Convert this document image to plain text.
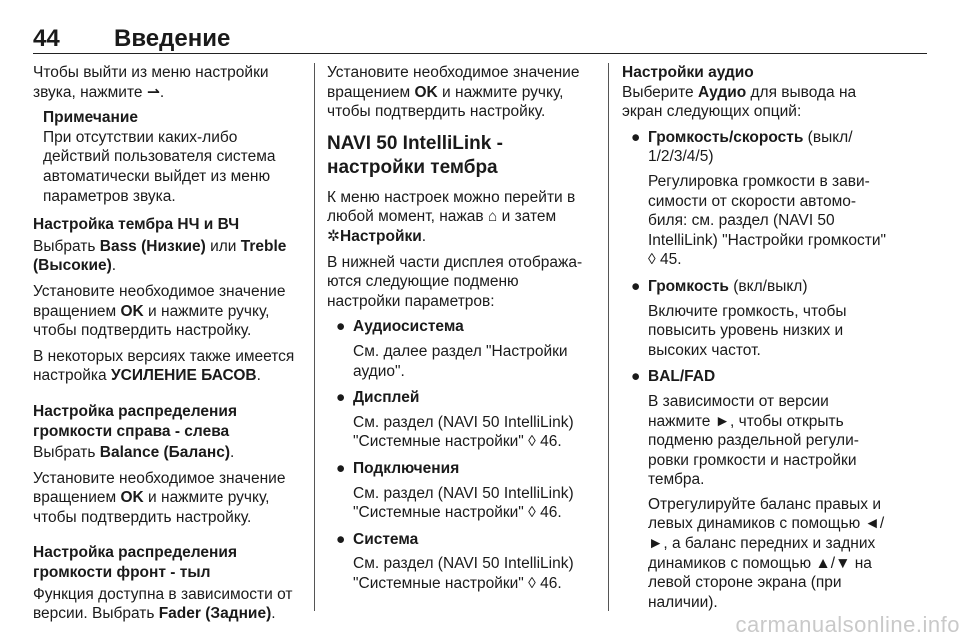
44 Введение

Чтобы выйти из меню настройки звука, нажмите ⇀.

Примечание
При отсутствии каких-либо действий пользователя система автоматически выйдет из меню параметров звука.
Настройка тембра НЧ и ВЧ

Выбрать Bass (Низкие) или Treble (Высокие).

Установите необходимое значение вращением OK и нажмите ручку, чтобы подтвердить настройку.

В некоторых версиях также имеется настройка УСИЛЕНИЕ БАСОВ.

Настройка распределения громкости справа - слева

Выбрать Balance (Баланс).

Установите необходимое значение вращением OK и нажмите ручку, чтобы подтвердить настройку.

Настройка распределения громкости фронт - тыл

Функция доступна в зависимости от версии. Выбрать Fader (Задние).

Установите необходимое значение вращением OK и нажмите ручку, чтобы подтвердить настройку.

NAVI 50 IntelliLink - настройки тембра

К меню настроек можно перейти в любой момент, нажав ⌂ и затем
✲Настройки.

В нижней части дисплея отобража-ются следующие подменю настройки параметров:

● Аудиосистема
См. далее раздел "Настройки аудио".
● Дисплей
См. раздел (NAVI 50 IntelliLink) "Системные настройки" ◊ 46.
● Подключения
См. раздел (NAVI 50 IntelliLink) "Системные настройки" ◊ 46.
● Система
См. раздел (NAVI 50 IntelliLink) "Системные настройки" ◊ 46.
Настройки аудио

Выберите Аудио для вывода на экран следующих опций:

● Громкость/скорость (выкл/ 1/2/3/4/5)
Регулировка громкости в зави-симости от скорости автомо-биля: см. раздел (NAVI 50 IntelliLink) "Настройки громкости" ◊ 45.
● Громкость (вкл/выкл)
Включите громкость, чтобы повысить уровень низких и высоких частот.
● BAL/FAD
В зависимости от версии нажмите ►, чтобы открыть подменю раздельной регули-ровки громкости и настройки тембра.
Отрегулируйте баланс правых и левых динамиков с помощью ◄/►, а баланс передних и задних динамиков с помощью ▲/▼ на левой стороне экрана (при наличии).
carmanualsonline.info
